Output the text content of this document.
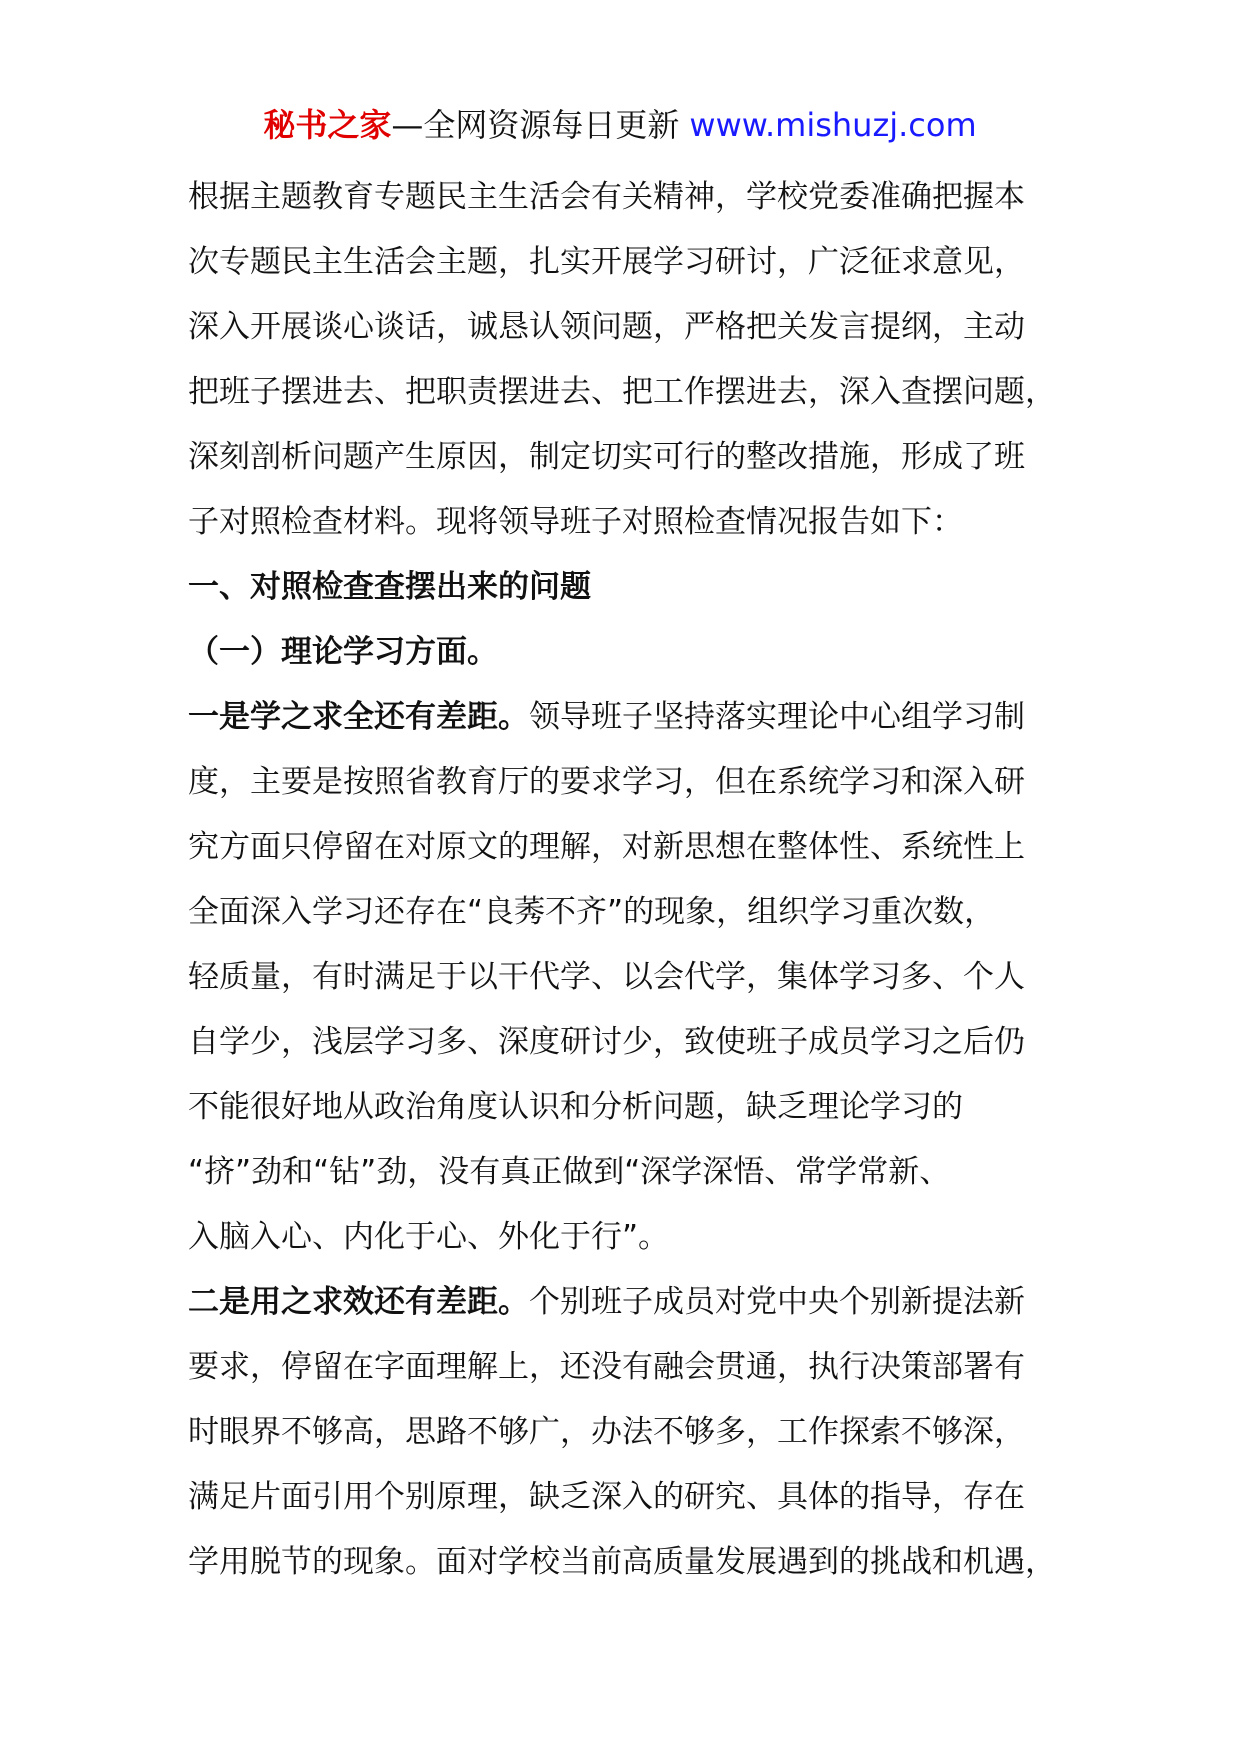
秘书之家—全网资源每日更新 www.mishuzj.com
根据主题教育专题民主生活会有关精神，学校党委准确把握本
次专题民主生活会主题，扎实开展学习研讨，广泛征求意见，
深入开展谈心谈话，诚恳认领问题，严格把关发言提纲，主动
把班子摆进去、把职责摆进去、把工作摆进去，深入查摆问题，
深刻剖析问题产生原因，制定切实可行的整改措施，形成了班
子对照检查材料。现将领导班子对照检查情况报告如下：
一、对照检查查摆出来的问题
（一）理论学习方面。
一是学之求全还有差距。领导班子坚持落实理论中心组学习制
度，主要是按照省教育厅的要求学习，但在系统学习和深入研
究方面只停留在对原文的理解，对新思想在整体性、系统性上
全面深入学习还存在“良莠不齐”的现象，组织学习重次数，
轻质量，有时满足于以干代学、以会代学，集体学习多、个人
自学少，浅层学习多、深度研讨少，致使班子成员学习之后仍
不能很好地从政治角度认识和分析问题，缺乏理论学习的
“挤”劲和“钻”劲，没有真正做到“深学深悟、常学常新、
入脑入心、内化于心、外化于行”。
二是用之求效还有差距。个别班子成员对党中央个别新提法新
要求，停留在字面理解上，还没有融会贯通，执行决策部署有
时眼界不够高，思路不够广，办法不够多，工作探索不够深，
满足片面引用个别原理，缺乏深入的研究、具体的指导，存在
学用脱节的现象。面对学校当前高质量发展遇到的挑战和机遇，
